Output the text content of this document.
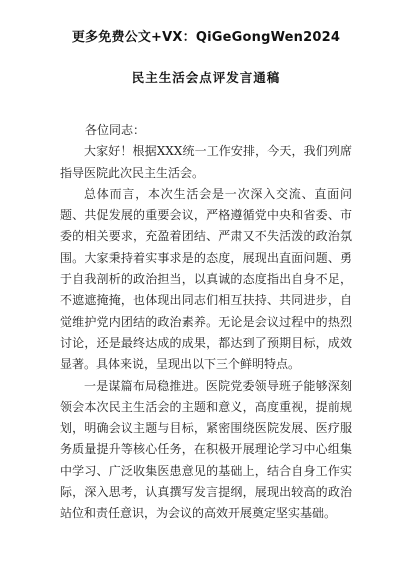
更多免费公文+VX：QiGeGongWen2024

民主生活会点评发言通稿

各位同志：

大家好！根据XXX统一工作安排，今天，我们列席指导医院此次民主生活会。

总体而言，本次生活会是一次深入交流、直面问题、共促发展的重要会议，严格遵循党中央和省委、市委的相关要求，充盈着团结、严肃又不失活泼的政治氛围。大家秉持着实事求是的态度，展现出直面问题、勇于自我剖析的政治担当，以真诚的态度指出自身不足，不遮遮掩掩，也体现出同志们相互扶持、共同进步，自觉维护党内团结的政治素养。无论是会议过程中的热烈讨论，还是最终达成的成果，都达到了预期目标，成效显著。具体来说，呈现出以下三个鲜明特点。

一是谋篇布局稳推进。医院党委领导班子能够深刻领会本次民主生活会的主题和意义，高度重视，提前规划，明确会议主题与目标，紧密围绕医院发展、医疗服务质量提升等核心任务，在积极开展理论学习中心组集中学习、广泛收集医患意见的基础上，结合自身工作实际，深入思考，认真撰写发言提纲，展现出较高的政治站位和责任意识，为会议的高效开展奠定坚实基础。
